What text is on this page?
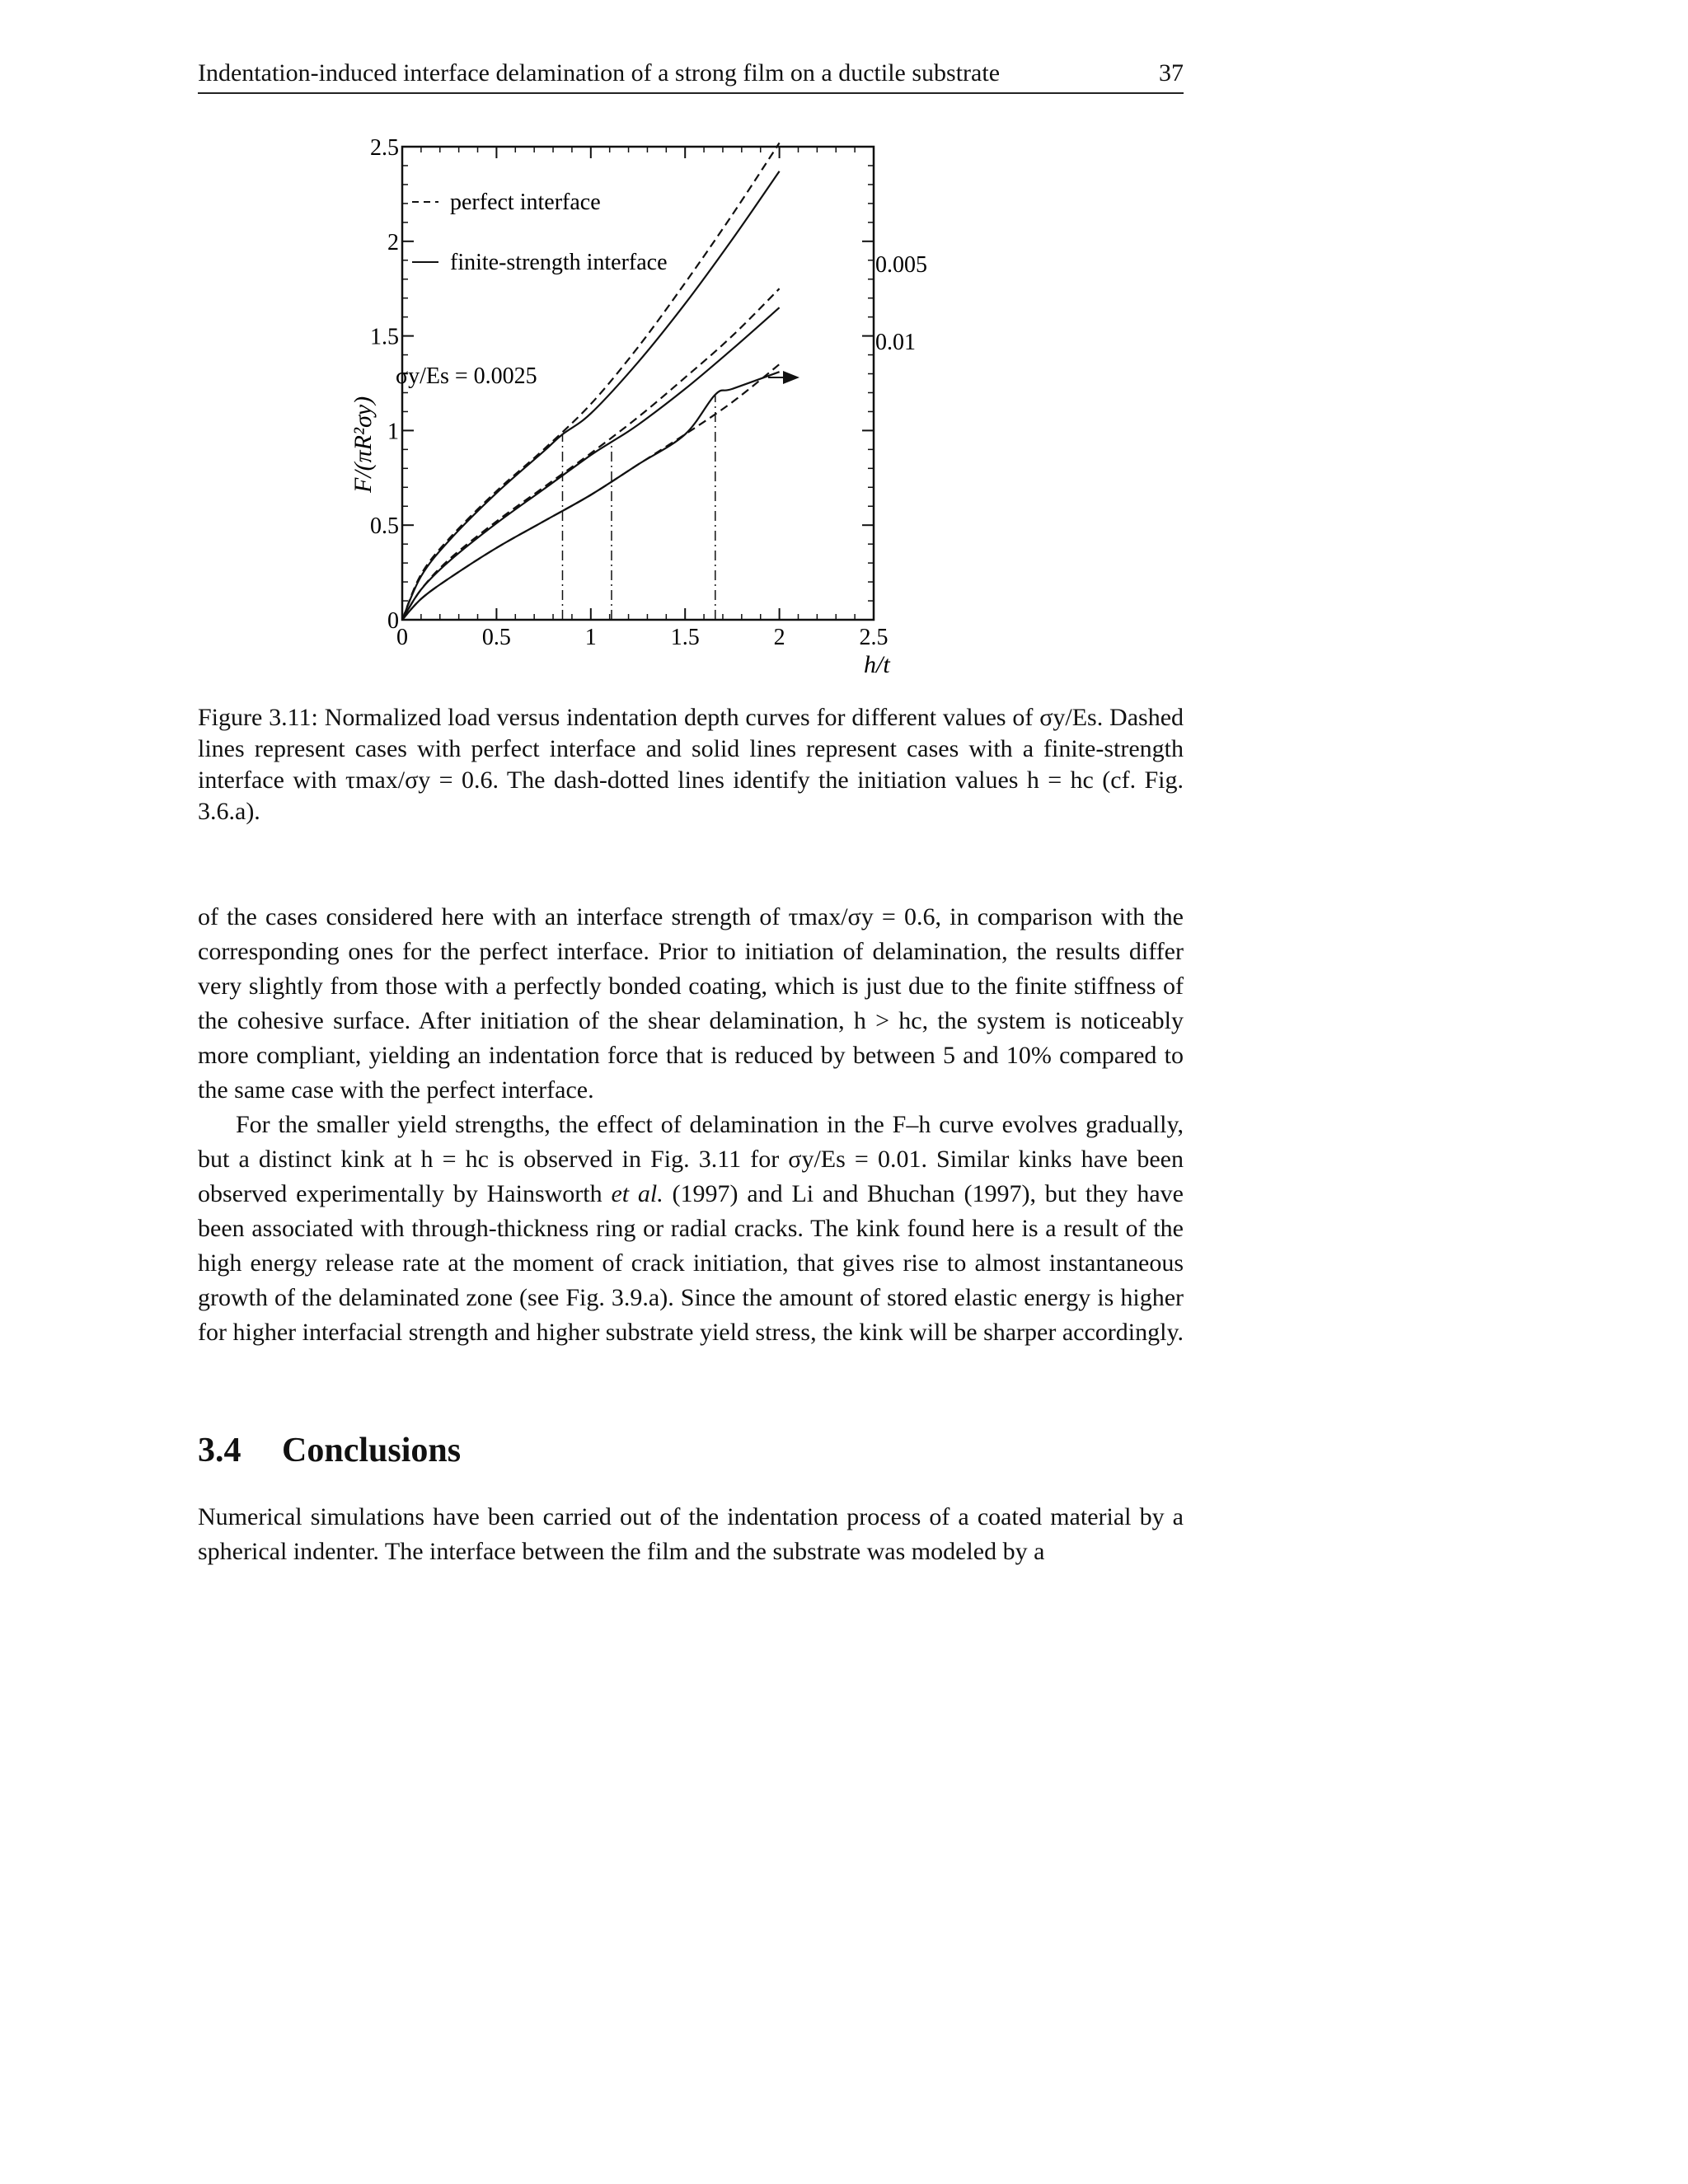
Indentation-induced interface delamination of a strong film on a ductile substrate	37
0
0
0.5
0.5
1
1
1.5
1.5
2
2
2.5
2.5
perfect interface
finite-strength interface
σy/Es = 0.0025
0.005
0.01
F/(πR²σy)
h/t
Figure 3.11: Normalized load versus indentation depth curves for different values of σy/Es. Dashed lines represent cases with perfect interface and solid lines represent cases with a finite-strength interface with τmax/σy = 0.6. The dash-dotted lines identify the initiation values h = hc (cf. Fig. 3.6.a).

of the cases considered here with an interface strength of τmax/σy = 0.6, in comparison with the corresponding ones for the perfect interface. Prior to initiation of delamination, the results differ very slightly from those with a perfectly bonded coating, which is just due to the finite stiffness of the cohesive surface. After initiation of the shear delamination, h > hc, the system is noticeably more compliant, yielding an indentation force that is reduced by between 5 and 10% compared to the same case with the perfect interface.

For the smaller yield strengths, the effect of delamination in the F–h curve evolves gradually, but a distinct kink at h = hc is observed in Fig. 3.11 for σy/Es = 0.01. Similar kinks have been observed experimentally by Hainsworth et al. (1997) and Li and Bhuchan (1997), but they have been associated with through-thickness ring or radial cracks. The kink found here is a result of the high energy release rate at the moment of crack initiation, that gives rise to almost instantaneous growth of the delaminated zone (see Fig. 3.9.a). Since the amount of stored elastic energy is higher for higher interfacial strength and higher substrate yield stress, the kink will be sharper accordingly.

3.4 Conclusions

Numerical simulations have been carried out of the indentation process of a coated material by a spherical indenter. The interface between the film and the substrate was modeled by a
